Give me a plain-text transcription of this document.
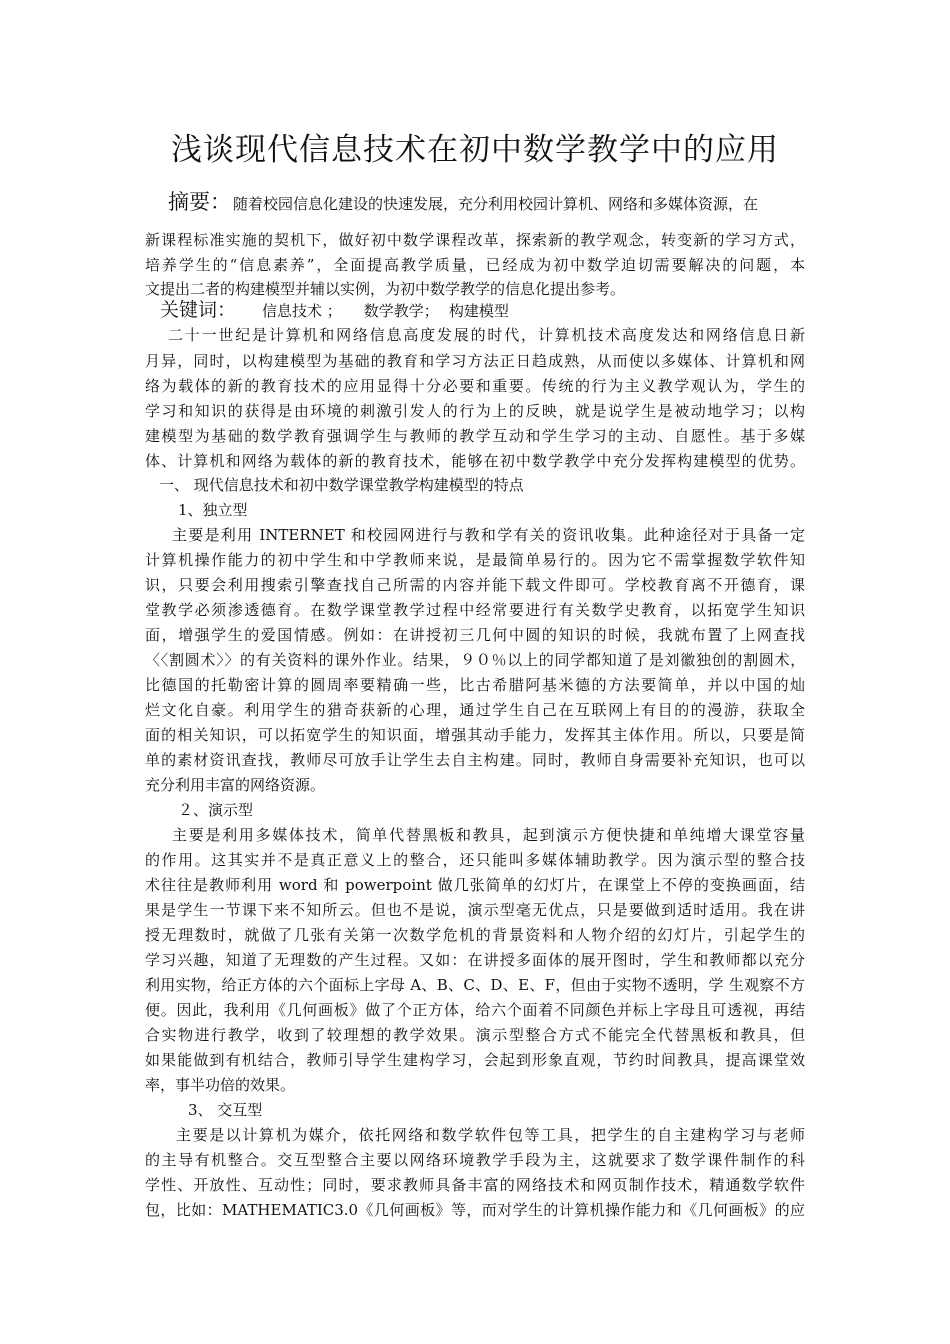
浅谈现代信息技术在初中数学教学中的应用
摘要： 随着校园信息化建设的快速发展，充分利用校园计算机、网络和多媒体资源，在
新课程标准实施的契机下，做好初中数学课程改革，探索新的教学观念，转变新的学习方式，
培养学生的“信息素养”，全面提高教学质量，已经成为初中数学迫切需要解决的问题，本
文提出二者的构建模型并辅以实例，为初中数学教学的信息化提出参考。
关键词： 信息技术 ； 数学教学； 构建模型
二十一世纪是计算机和网络信息高度发展的时代，计算机技术高度发达和网络信息日新
月异，同时，以构建模型为基础的教育和学习方法正日趋成熟，从而使以多媒体、计算机和网
络为载体的新的教育技术的应用显得十分必要和重要。传统的行为主义教学观认为，学生的
学习和知识的获得是由环境的刺激引发人的行为上的反映，就是说学生是被动地学习；以构
建模型为基础的数学教育强调学生与教师的教学互动和学生学习的主动、自愿性。基于多媒
体、计算机和网络为载体的新的教育技术，能够在初中数学教学中充分发挥构建模型的优势。
一、 现代信息技术和初中数学课堂教学构建模型的特点
1、独立型
主要是利用 INTERNET 和校园网进行与教和学有关的资讯收集。此种途径对于具备一定
计算机操作能力的初中学生和中学教师来说，是最简单易行的。因为它不需掌握数学软件知
识，只要会利用搜索引擎查找自己所需的内容并能下载文件即可。学校教育离不开德育，课
堂教学必须渗透德育。在数学课堂教学过程中经常要进行有关数学史教育，以拓宽学生知识
面，增强学生的爱国情感。例如：在讲授初三几何中圆的知识的时候，我就布置了上网查找
〈〈割圆术〉〉的有关资料的课外作业。结果，９０％以上的同学都知道了是刘徽独创的割圆术，
比德国的托勒密计算的圆周率要精确一些，比古希腊阿基米德的方法要简单，并以中国的灿
烂文化自豪。利用学生的猎奇获新的心理，通过学生自己在互联网上有目的的漫游，获取全
面的相关知识，可以拓宽学生的知识面，增强其动手能力，发挥其主体作用。所以，只要是简
单的素材资讯查找，教师尽可放手让学生去自主构建。同时，教师自身需要补充知识，也可以
充分利用丰富的网络资源。
２、演示型
主要是利用多媒体技术，简单代替黑板和教具，起到演示方便快捷和单纯增大课堂容量
的作用。这其实并不是真正意义上的整合，还只能叫多媒体辅助教学。因为演示型的整合技
术往往是教师利用 word 和 powerpoint 做几张简单的幻灯片，在课堂上不停的变换画面，结
果是学生一节课下来不知所云。但也不是说，演示型毫无优点，只是要做到适时适用。我在讲
授无理数时，就做了几张有关第一次数学危机的背景资料和人物介绍的幻灯片，引起学生的
学习兴趣，知道了无理数的产生过程。又如：在讲授多面体的展开图时，学生和教师都以充分
利用实物，给正方体的六个面标上字母 A、B、C、D、E、F，但由于实物不透明，学 生观察不方
便。因此，我利用《几何画板》做了个正方体，给六个面着不同颜色并标上字母且可透视，再结
合实物进行教学，收到了较理想的教学效果。演示型整合方式不能完全代替黑板和教具，但
如果能做到有机结合，教师引导学生建构学习，会起到形象直观，节约时间教具，提高课堂效
率，事半功倍的效果。
3、 交互型
主要是以计算机为媒介，依托网络和数学软件包等工具，把学生的自主建构学习与老师
的主导有机整合。交互型整合主要以网络环境教学手段为主，这就要求了数学课件制作的科
学性、开放性、互动性；同时，要求教师具备丰富的网络技术和网页制作技术，精通数学软件
包，比如：MATHEMATIC3.0《几何画板》等，而对学生的计算机操作能力和《几何画板》的应
